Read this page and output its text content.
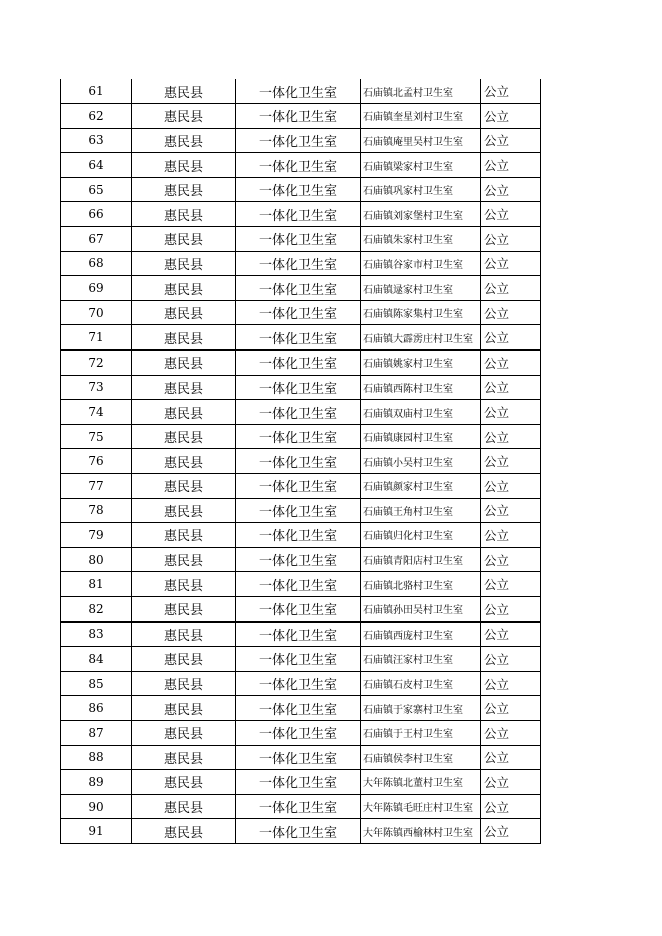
61	惠民县	一体化卫生室	石庙镇北孟村卫生室	公立
62	惠民县	一体化卫生室	石庙镇奎星刘村卫生室	公立
63	惠民县	一体化卫生室	石庙镇庵里吴村卫生室	公立
64	惠民县	一体化卫生室	石庙镇梁家村卫生室	公立
65	惠民县	一体化卫生室	石庙镇巩家村卫生室	公立
66	惠民县	一体化卫生室	石庙镇刘家堡村卫生室	公立
67	惠民县	一体化卫生室	石庙镇朱家村卫生室	公立
68	惠民县	一体化卫生室	石庙镇谷家市村卫生室	公立
69	惠民县	一体化卫生室	石庙镇逯家村卫生室	公立
70	惠民县	一体化卫生室	石庙镇陈家集村卫生室	公立
71	惠民县	一体化卫生室	石庙镇大霹雳庄村卫生室	公立
72	惠民县	一体化卫生室	石庙镇姚家村卫生室	公立
73	惠民县	一体化卫生室	石庙镇西陈村卫生室	公立
74	惠民县	一体化卫生室	石庙镇双庙村卫生室	公立
75	惠民县	一体化卫生室	石庙镇康园村卫生室	公立
76	惠民县	一体化卫生室	石庙镇小吴村卫生室	公立
77	惠民县	一体化卫生室	石庙镇颜家村卫生室	公立
78	惠民县	一体化卫生室	石庙镇王角村卫生室	公立
79	惠民县	一体化卫生室	石庙镇归化村卫生室	公立
80	惠民县	一体化卫生室	石庙镇青阳店村卫生室	公立
81	惠民县	一体化卫生室	石庙镇北骆村卫生室	公立
82	惠民县	一体化卫生室	石庙镇孙田吴村卫生室	公立
83	惠民县	一体化卫生室	石庙镇西庞村卫生室	公立
84	惠民县	一体化卫生室	石庙镇汪家村卫生室	公立
85	惠民县	一体化卫生室	石庙镇石皮村卫生室	公立
86	惠民县	一体化卫生室	石庙镇于家寨村卫生室	公立
87	惠民县	一体化卫生室	石庙镇于王村卫生室	公立
88	惠民县	一体化卫生室	石庙镇侯李村卫生室	公立
89	惠民县	一体化卫生室	大年陈镇北董村卫生室	公立
90	惠民县	一体化卫生室	大年陈镇毛旺庄村卫生室	公立
91	惠民县	一体化卫生室	大年陈镇西榆林村卫生室	公立
